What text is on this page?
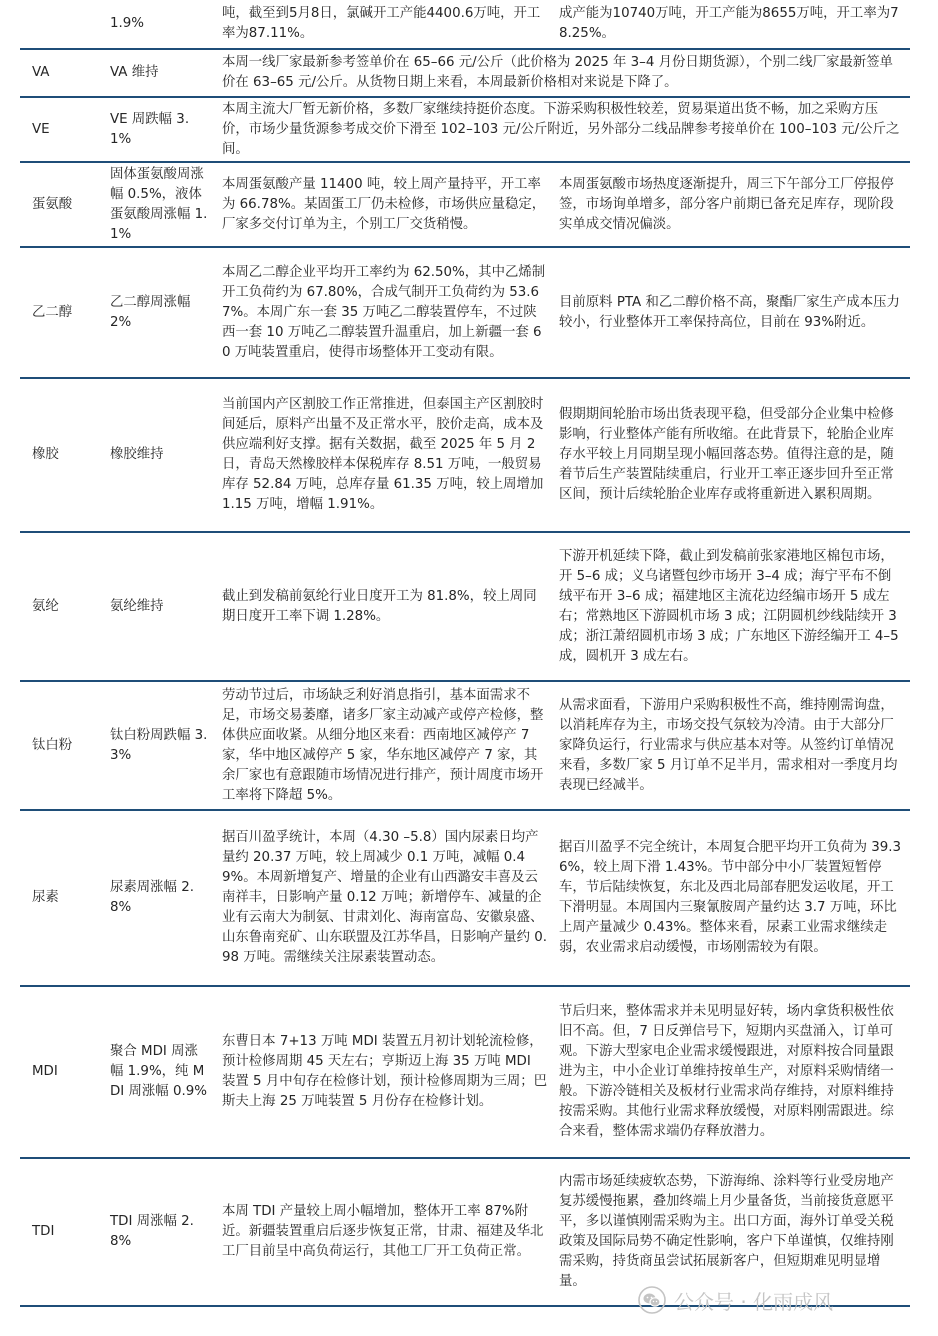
	1.9%	吨，截至到5月8日，氯碱开工产能4400.6万吨，开工率为87.11%。	成产能为10740万吨，开工产能为8655万吨，开工率为78.25%。
VA	VA 维持	本周一线厂家最新参考签单价在 65–66 元/公斤（此价格为 2025 年 3–4 月份日期货源），个别二线厂家最新签单价在 63–65 元/公斤。从货物日期上来看，本周最新价格相对来说是下降了。	
VE	VE 周跌幅 3.1%	本周主流大厂暂无新价格，多数厂家继续持挺价态度。下游采购积极性较差，贸易渠道出货不畅，加之采购方压价，市场少量货源参考成交价下滑至 102–103 元/公斤附近，另外部分二线品牌参考接单价在 100–103 元/公斤之间。	
蛋氨酸	固体蛋氨酸周涨幅 0.5%，液体蛋氨酸周涨幅 1.1%	本周蛋氨酸产量 11400 吨，较上周产量持平，开工率为 66.78%。某固蛋工厂仍未检修，市场供应量稳定，厂家多交付订单为主，个别工厂交货稍慢。	本周蛋氨酸市场热度逐渐提升，周三下午部分工厂停报停签，市场询单增多，部分客户前期已备充足库存，现阶段实单成交情况偏淡。
乙二醇	乙二醇周涨幅 2%	本周乙二醇企业平均开工率约为 62.50%，其中乙烯制开工负荷约为 67.80%，合成气制开工负荷约为 53.67%。本周广东一套 35 万吨乙二醇装置停车，不过陕西一套 10 万吨乙二醇装置升温重启，加上新疆一套 60 万吨装置重启，使得市场整体开工变动有限。	目前原料 PTA 和乙二醇价格不高，聚酯厂家生产成本压力较小，行业整体开工率保持高位，目前在 93%附近。
橡胶	橡胶维持	当前国内产区割胶工作正常推进，但泰国主产区割胶时间延后，原料产出量不及正常水平，胶价走高，成本及供应端利好支撑。据有关数据，截至 2025 年 5 月 2 日，青岛天然橡胶样本保税库存 8.51 万吨，一般贸易库存 52.84 万吨，总库存量 61.35 万吨，较上周增加 1.15 万吨，增幅 1.91%。	假期期间轮胎市场出货表现平稳，但受部分企业集中检修影响，行业整体产能有所收缩。在此背景下，轮胎企业库存水平较上月同期呈现小幅回落态势。值得注意的是，随着节后生产装置陆续重启，行业开工率正逐步回升至正常区间，预计后续轮胎企业库存或将重新进入累积周期。
氨纶	氨纶维持	截止到发稿前氨纶行业日度开工为 81.8%，较上周同期日度开工率下调 1.28%。	下游开机延续下降，截止到发稿前张家港地区棉包市场，开 5–6 成；义乌诸暨包纱市场开 3–4 成；海宁平布不倒绒平布开 3–6 成；福建地区主流花边经编市场开 5 成左右；常熟地区下游圆机市场 3 成；江阴圆机纱线陆续开 3 成；浙江萧绍圆机市场 3 成；广东地区下游经编开工 4–5 成，圆机开 3 成左右。
钛白粉	钛白粉周跌幅 3.3%	劳动节过后，市场缺乏利好消息指引，基本面需求不足，市场交易萎靡，诸多厂家主动减产或停产检修，整体供应面收紧。从细分地区来看：西南地区减停产 7 家，华中地区减停产 5 家，华东地区减停产 7 家，其余厂家也有意跟随市场情况进行排产，预计周度市场开工率将下降超 5%。	从需求面看，下游用户采购积极性不高，维持刚需询盘，以消耗库存为主，市场交投气氛较为冷清。由于大部分厂家降负运行，行业需求与供应基本对等。从签约订单情况来看，多数厂家 5 月订单不足半月，需求相对一季度月均表现已经减半。
尿素	尿素周涨幅 2.8%	据百川盈孚统计，本周（4.30 –5.8）国内尿素日均产量约 20.37 万吨，较上周减少 0.1 万吨，减幅 0.49%。本周新增复产、增量的企业有山西潞安丰喜及云南祥丰，日影响产量 0.12 万吨；新增停车、减量的企业有云南大为制氨、甘肃刘化、海南富岛、安徽泉盛、山东鲁南兖矿、山东联盟及江苏华昌，日影响产量约 0.98 万吨。需继续关注尿素装置动态。	据百川盈孚不完全统计，本周复合肥平均开工负荷为 39.36%，较上周下滑 1.43%。节中部分中小厂装置短暂停车，节后陆续恢复，东北及西北局部春肥发运收尾，开工下滑明显。本周国内三聚氰胺周产量约达 3.7 万吨，环比上周产量减少 0.43%。整体来看，尿素工业需求继续走弱，农业需求启动缓慢，市场刚需较为有限。
MDI	聚合 MDI 周涨幅 1.9%，纯 MDI 周涨幅 0.9%	东曹日本 7+13 万吨 MDI 装置五月初计划轮流检修，预计检修周期 45 天左右；亨斯迈上海 35 万吨 MDI 装置 5 月中旬存在检修计划，预计检修周期为三周；巴斯夫上海 25 万吨装置 5 月份存在检修计划。	节后归来，整体需求并未见明显好转，场内拿货积极性依旧不高。但，7 日反弹信号下，短期内买盘涌入，订单可观。下游大型家电企业需求缓慢跟进，对原料按合同量跟进为主，中小企业订单维持按单生产，对原料采购情绪一般。下游冷链相关及板材行业需求尚存维持，对原料维持按需采购。其他行业需求释放缓慢，对原料刚需跟进。综合来看，整体需求端仍存释放潜力。
TDI	TDI 周涨幅 2.8%	本周 TDI 产量较上周小幅增加，整体开工率 87%附近。新疆装置重启后逐步恢复正常，甘肃、福建及华北工厂目前呈中高负荷运行，其他工厂开工负荷正常。	内需市场延续疲软态势，下游海绵、涂料等行业受房地产复苏缓慢拖累，叠加终端上月少量备货，当前接货意愿平平，多以谨慎刚需采购为主。出口方面，海外订单受关税政策及国际局势不确定性影响，客户下单谨慎，仅维持刚需采购，持货商虽尝试拓展新客户，但短期难见明显增量。
公众号 · 化雨成风
